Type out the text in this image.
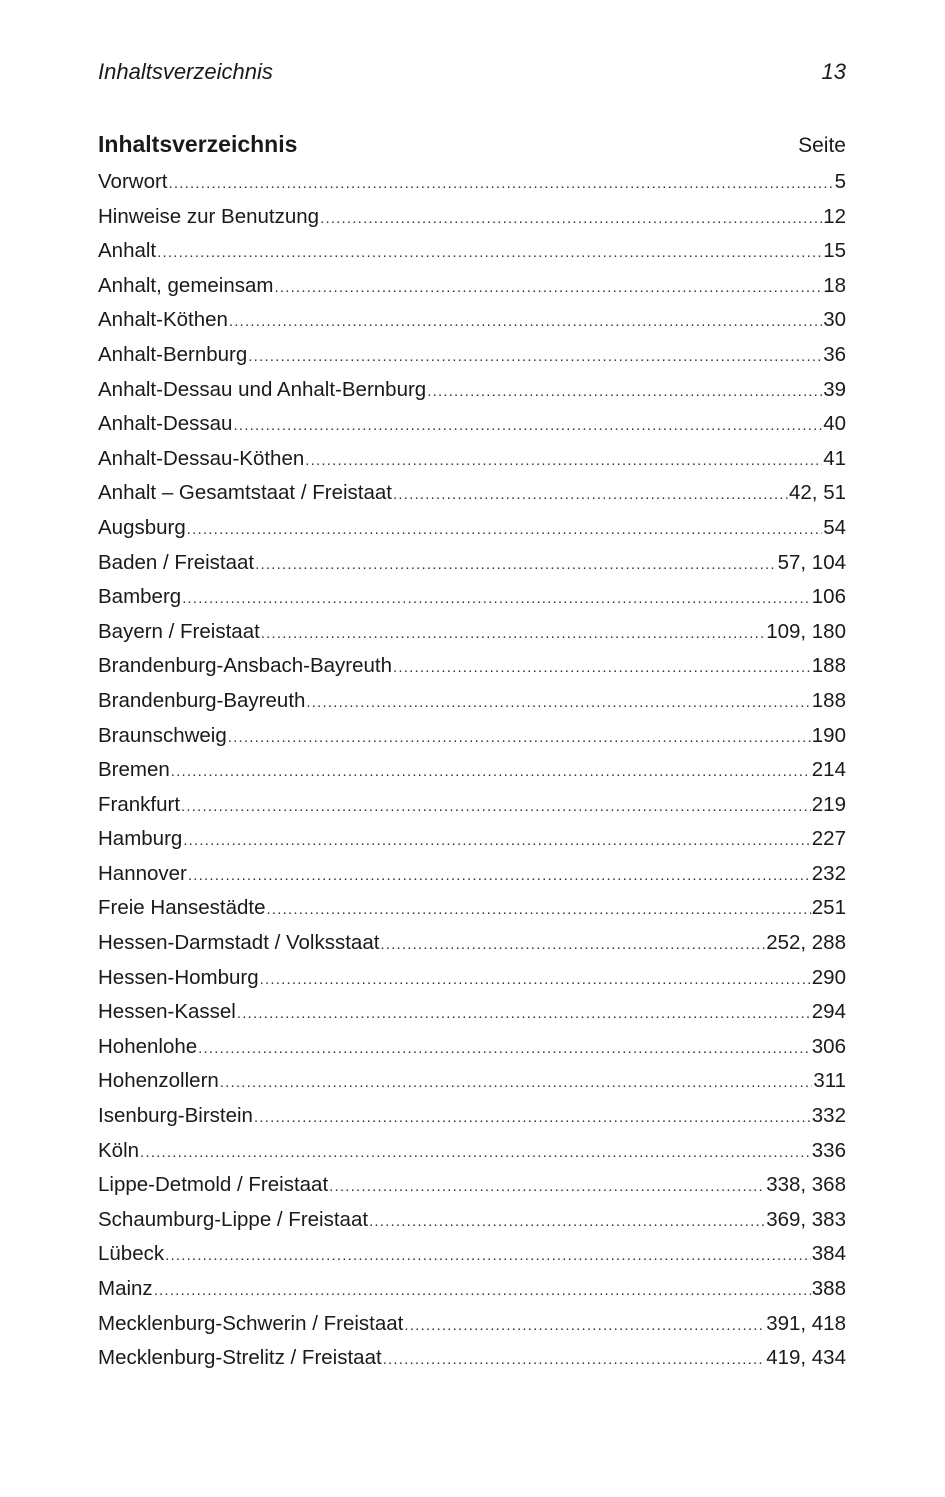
Inhaltsverzeichnis	13
Inhaltsverzeichnis	Seite
Vorwort .....	5
Hinweise zur Benutzung .....	12
Anhalt .....	15
Anhalt, gemeinsam .....	18
Anhalt-Köthen .....	30
Anhalt-Bernburg .....	36
Anhalt-Dessau und Anhalt-Bernburg .....	39
Anhalt-Dessau .....	40
Anhalt-Dessau-Köthen .....	41
Anhalt – Gesamtstaat / Freistaat .....	42, 51
Augsburg .....	54
Baden / Freistaat .....	57, 104
Bamberg .....	106
Bayern / Freistaat .....	109, 180
Brandenburg-Ansbach-Bayreuth .....	188
Brandenburg-Bayreuth .....	188
Braunschweig .....	190
Bremen .....	214
Frankfurt .....	219
Hamburg .....	227
Hannover .....	232
Freie Hansestädte .....	251
Hessen-Darmstadt / Volksstaat .....	252, 288
Hessen-Homburg .....	290
Hessen-Kassel .....	294
Hohenlohe .....	306
Hohenzollern .....	311
Isenburg-Birstein .....	332
Köln .....	336
Lippe-Detmold / Freistaat .....	338, 368
Schaumburg-Lippe / Freistaat .....	369, 383
Lübeck .....	384
Mainz .....	388
Mecklenburg-Schwerin / Freistaat .....	391, 418
Mecklenburg-Strelitz / Freistaat .....	419, 434
